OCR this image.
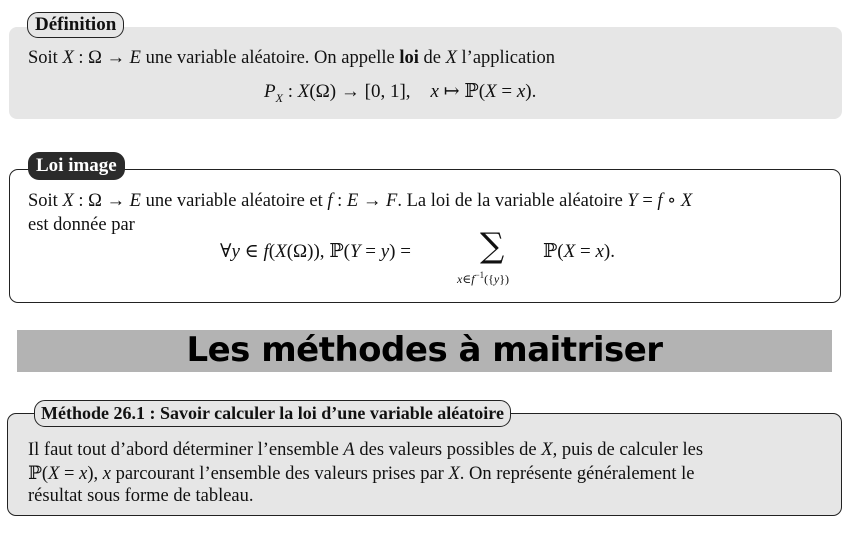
Définition
Soit X : Ω → E une variable aléatoire. On appelle loi de X l’application
$P_X$ : X(Ω) → [0, 1], x ↦ ℙ(X = x).
Loi image
Soit X : Ω → E une variable aléatoire et f : E → F. La loi de la variable aléatoire Y = f ∘ X
est donnée par
∀y ∈ f(X(Ω)), ℙ(Y = y) = ∑
$x\in f^{-1}(\{y\})$
ℙ(X = x).
Les méthodes à maitriser
Méthode 26.1 : Savoir calculer la loi d’une variable aléatoire
Il faut tout d’abord déterminer l’ensemble A des valeurs possibles de X, puis de calculer les
ℙ(X = x), x parcourant l’ensemble des valeurs prises par X. On représente généralement le
résultat sous forme de tableau.
